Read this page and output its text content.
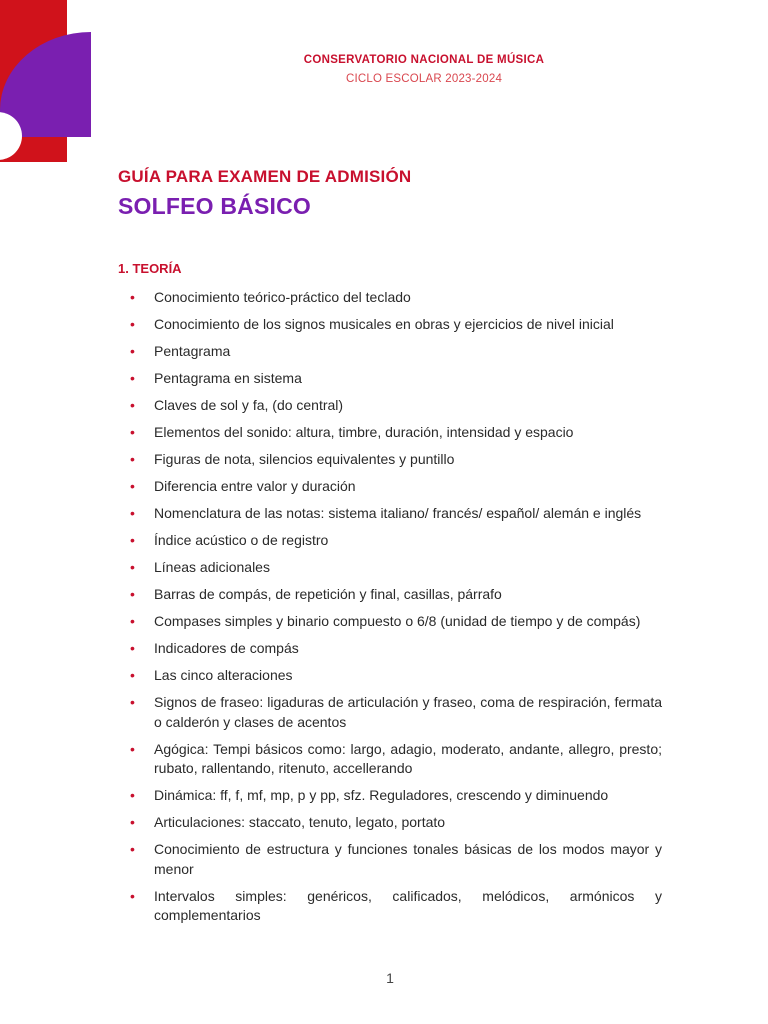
CONSERVATORIO NACIONAL DE MÚSICA
CICLO ESCOLAR 2023-2024
GUÍA PARA EXAMEN DE ADMISIÓN
SOLFEO BÁSICO
1. TEORÍA
• Conocimiento teórico-práctico del teclado
• Conocimiento de los signos musicales en obras y ejercicios de nivel inicial
• Pentagrama
• Pentagrama en sistema
• Claves de sol y fa, (do central)
• Elementos del sonido: altura, timbre, duración, intensidad y espacio
• Figuras de nota, silencios equivalentes y puntillo
• Diferencia entre valor y duración
• Nomenclatura de las notas: sistema italiano/ francés/ español/ alemán e inglés
• Índice acústico o de registro
• Líneas adicionales
• Barras de compás, de repetición y final, casillas, párrafo
• Compases simples y binario compuesto o 6/8 (unidad de tiempo y de compás)
• Indicadores de compás
• Las cinco alteraciones
• Signos de fraseo: ligaduras de articulación y fraseo, coma de respiración, fermata o calderón y clases de acentos
• Agógica: Tempi básicos como: largo, adagio, moderato, andante, allegro, presto; rubato, rallentando, ritenuto, accellerando
• Dinámica: ff, f, mf, mp, p y pp, sfz. Reguladores, crescendo y diminuendo
• Articulaciones: staccato, tenuto, legato, portato
• Conocimiento de estructura y funciones tonales básicas de los modos mayor y menor
• Intervalos simples: genéricos, calificados, melódicos, armónicos y complementarios
1
